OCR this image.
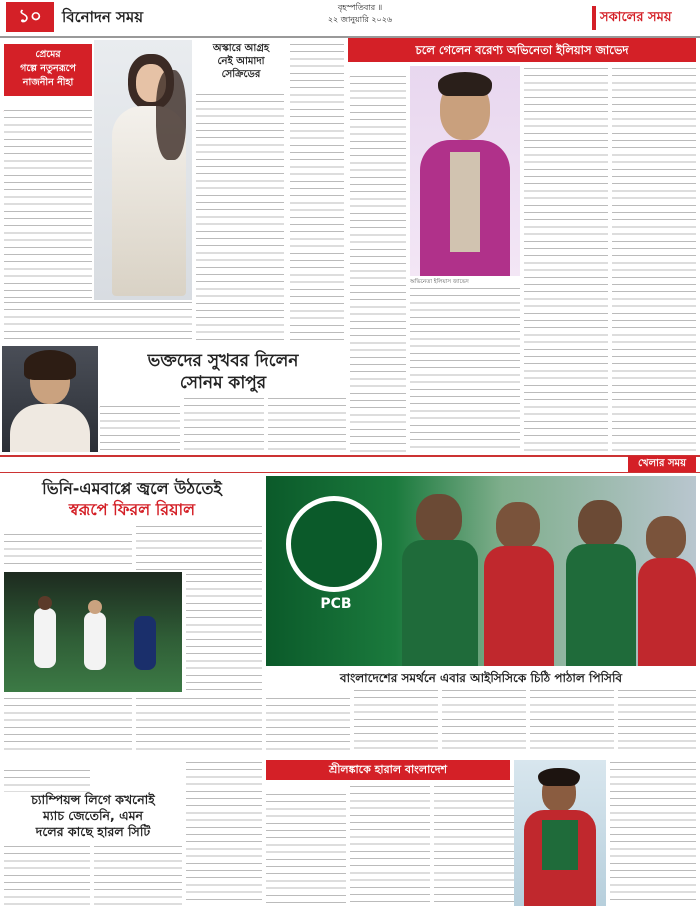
১০	বিনোদন সময়
বৃহস্পতিবার ॥
২২ জানুয়ারি ২০২৬	সকালের সময়
প্রেমের
গল্পে নতুনরূপে
নাজনীন নীহা
অস্কারে আগ্রহ
নেই আমাদা
সেক্রিডের
চলে গেলেন বরেণ্য অভিনেতা ইলিয়াস জাভেদ
অভিনেতা ইলিয়াস জাভেদ
ভক্তদের সুখবর দিলেন
সোনম কাপুর
খেলার সময়
ভিনি-এমবাপ্পে জ্বলে উঠতেই
স্বরূপে ফিরল রিয়াল
PCB
বাংলাদেশের সমর্থনে এবার আইসিসিকে চিঠি পাঠাল পিসিবি
চ্যাম্পিয়ন্স লিগে কখনোই
ম্যাচ জেতেনি, এমন
দলের কাছে হারল সিটি
শ্রীলঙ্কাকে হারাল বাংলাদেশ
